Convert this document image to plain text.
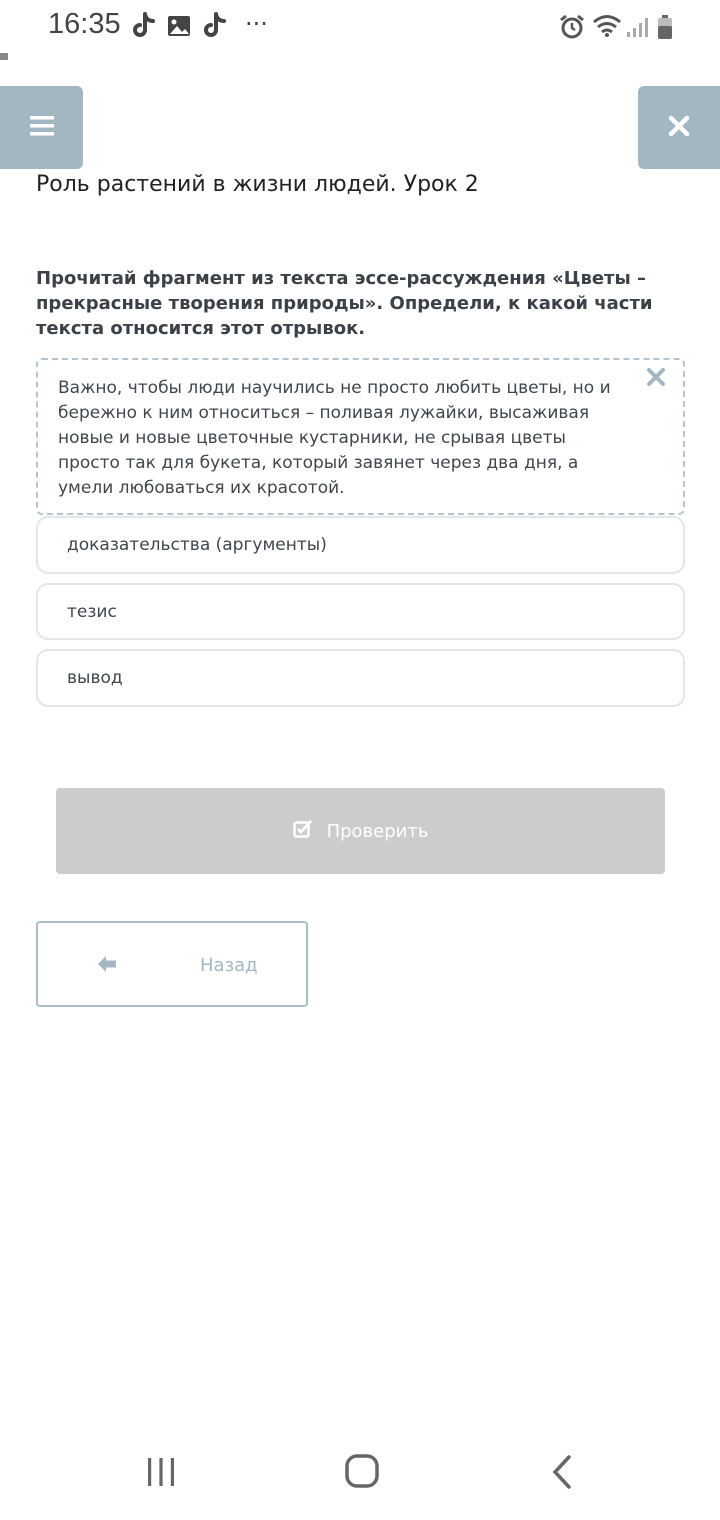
16:35	···
Роль растений в жизни людей. Урок 2
Прочитай фрагмент из текста эссе-рассуждения «Цветы – прекрасные творения природы». Определи, к какой части текста относится этот отрывок.
Важно, чтобы люди научились не просто любить цветы, но и бережно к ним относиться – поливая лужайки, высаживая новые и новые цветочные кустарники, не срывая цветы просто так для букета, который завянет через два дня, а умели любоваться их красотой.
доказательства (аргументы)
тезис
вывод
Проверить
Назад
